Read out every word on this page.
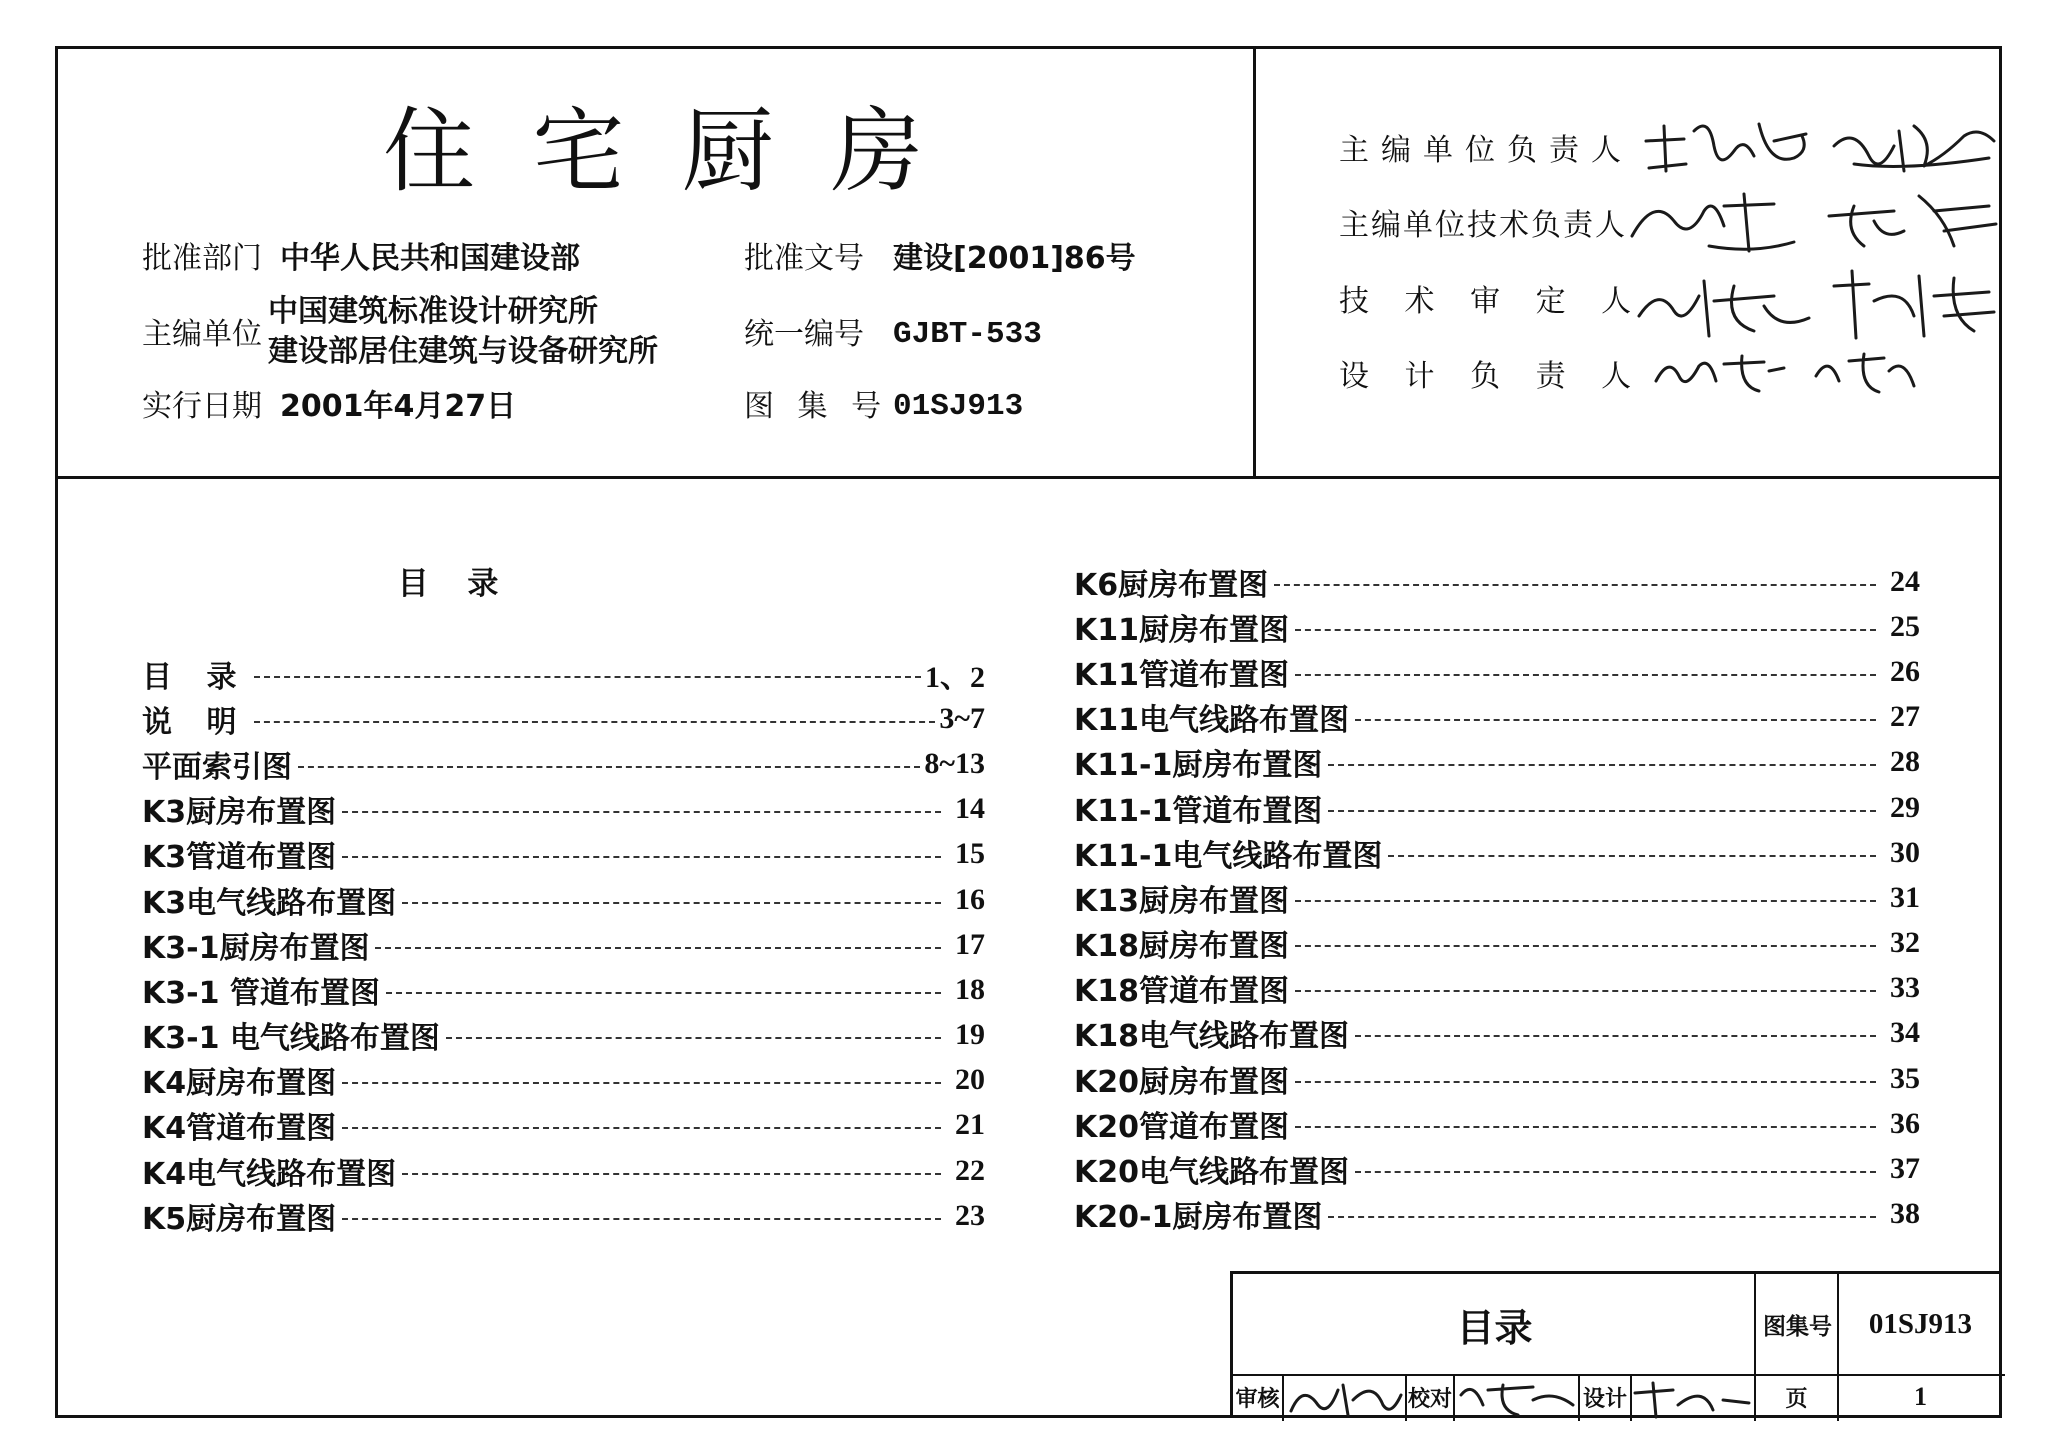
住 宅 厨 房
批准部门 中华人民共和国建设部	批准文号 建设[2001]86号
主编单位
中国建筑标准设计研究所
建设部居住建筑与设备研究所	统一编号 GJBT-533
实行日期 2001年4月27日	图 集 号 01SJ913
主编单位负责人
主编单位技术负责人
技 术 审 定 人
设 计 负 责 人
目 录
目 录	1、2
说 明	3~7
平面索引图	8~13
K3厨房布置图	14
K3管道布置图	15
K3电气线路布置图	16
K3-1厨房布置图	17
K3-1 管道布置图	18
K3-1 电气线路布置图	19
K4厨房布置图	20
K4管道布置图	21
K4电气线路布置图	22
K5厨房布置图	23
K6厨房布置图	24
K11厨房布置图	25
K11管道布置图	26
K11电气线路布置图	27
K11-1厨房布置图	28
K11-1管道布置图	29
K11-1电气线路布置图	30
K13厨房布置图	31
K18厨房布置图	32
K18管道布置图	33
K18电气线路布置图	34
K20厨房布置图	35
K20管道布置图	36
K20电气线路布置图	37
K20-1厨房布置图	38
目录	图集号	01SJ913
审核	校对	设计	页	1
